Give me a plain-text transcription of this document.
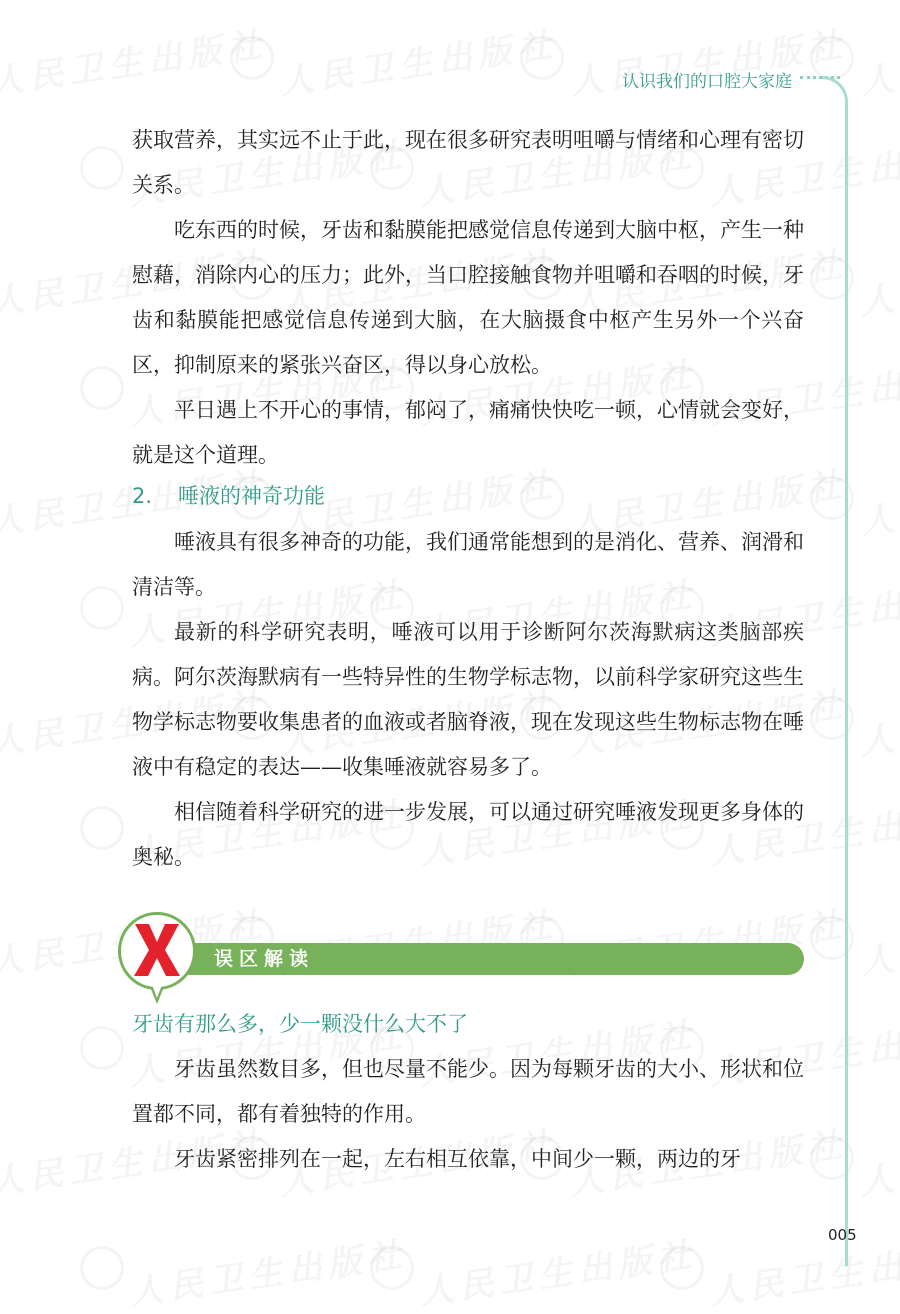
认识我们的口腔大家庭

获取营养，其实远不止于此，现在很多研究表明咀嚼与情绪和心理有密切关系。

吃东西的时候，牙齿和黏膜能把感觉信息传递到大脑中枢，产生一种慰藉，消除内心的压力；此外，当口腔接触食物并咀嚼和吞咽的时候，牙齿和黏膜能把感觉信息传递到大脑，在大脑摄食中枢产生另外一个兴奋区，抑制原来的紧张兴奋区，得以身心放松。

平日遇上不开心的事情，郁闷了，痛痛快快吃一顿，心情就会变好，就是这个道理。

2. 唾液的神奇功能

唾液具有很多神奇的功能，我们通常能想到的是消化、营养、润滑和清洁等。

最新的科学研究表明，唾液可以用于诊断阿尔茨海默病这类脑部疾病。阿尔茨海默病有一些特异性的生物学标志物，以前科学家研究这些生物学标志物要收集患者的血液或者脑脊液，现在发现这些生物标志物在唾液中有稳定的表达——收集唾液就容易多了。

相信随着科学研究的进一步发展，可以通过研究唾液发现更多身体的奥秘。

牙齿有那么多，少一颗没什么大不了

牙齿虽然数目多，但也尽量不能少。因为每颗牙齿的大小、形状和位置都不同，都有着独特的作用。

牙齿紧密排列在一起，左右相互依靠，中间少一颗，两边的牙

误区解读
005
